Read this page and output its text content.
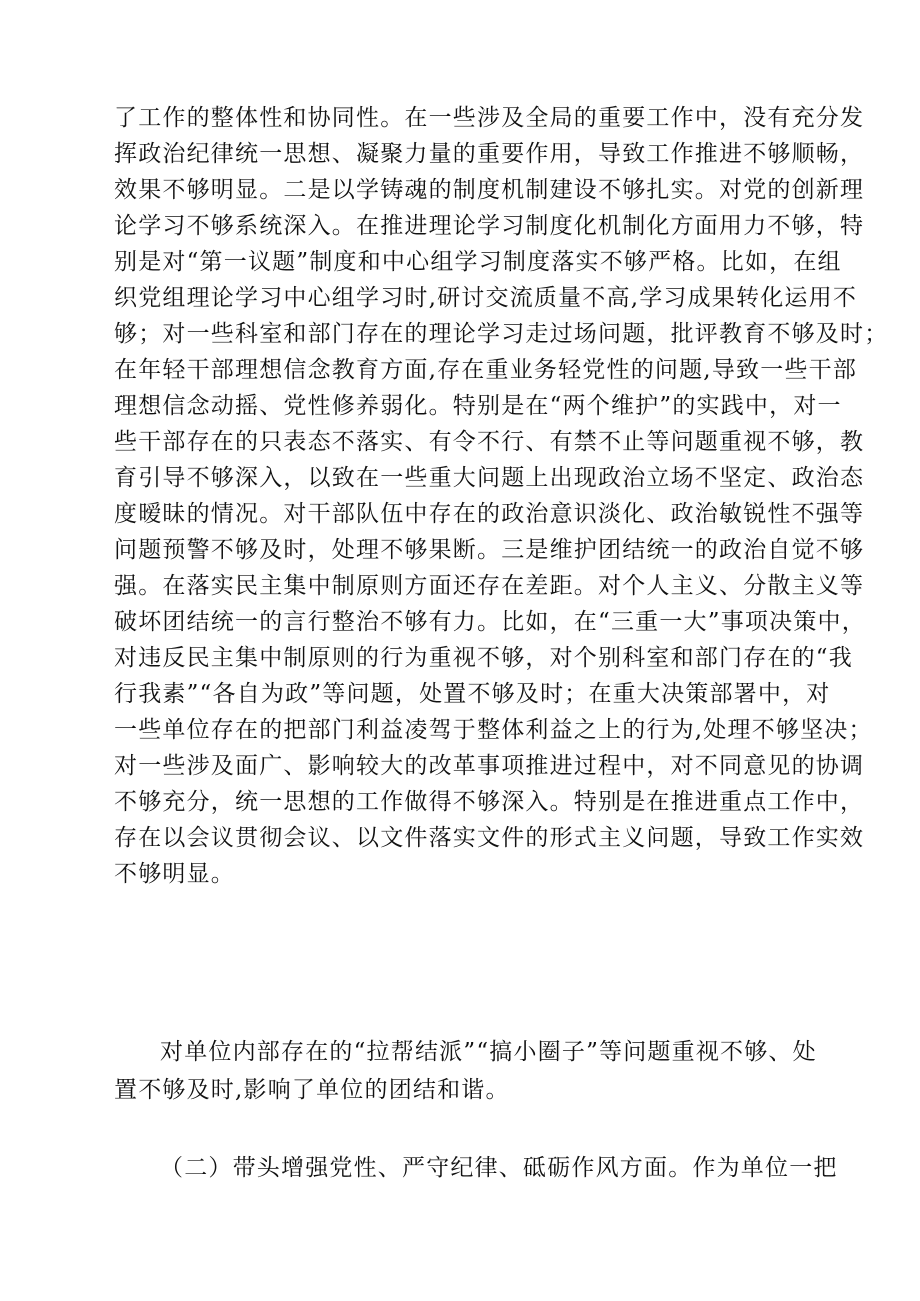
了工作的整体性和协同性。在一些涉及全局的重要工作中，没有充分发
挥政治纪律统一思想、凝聚力量的重要作用，导致工作推进不够顺畅，
效果不够明显。二是以学铸魂的制度机制建设不够扎实。对党的创新理
论学习不够系统深入。在推进理论学习制度化机制化方面用力不够，特
别是对“第一议题”制度和中心组学习制度落实不够严格。比如，在组
织党组理论学习中心组学习时,研讨交流质量不高,学习成果转化运用不
够；对一些科室和部门存在的理论学习走过场问题，批评教育不够及时；
在年轻干部理想信念教育方面,存在重业务轻党性的问题,导致一些干部
理想信念动摇、党性修养弱化。特别是在“两个维护”的实践中，对一
些干部存在的只表态不落实、有令不行、有禁不止等问题重视不够，教
育引导不够深入，以致在一些重大问题上出现政治立场不坚定、政治态
度暧昧的情况。对干部队伍中存在的政治意识淡化、政治敏锐性不强等
问题预警不够及时，处理不够果断。三是维护团结统一的政治自觉不够
强。在落实民主集中制原则方面还存在差距。对个人主义、分散主义等
破坏团结统一的言行整治不够有力。比如，在“三重一大”事项决策中，
对违反民主集中制原则的行为重视不够，对个别科室和部门存在的“我
行我素”“各自为政”等问题，处置不够及时；在重大决策部署中，对
一些单位存在的把部门利益凌驾于整体利益之上的行为,处理不够坚决；
对一些涉及面广、影响较大的改革事项推进过程中，对不同意见的协调
不够充分，统一思想的工作做得不够深入。特别是在推进重点工作中，
存在以会议贯彻会议、以文件落实文件的形式主义问题，导致工作实效
不够明显。
对单位内部存在的“拉帮结派”“搞小圈子”等问题重视不够、处
置不够及时,影响了单位的团结和谐。
（二）带头增强党性、严守纪律、砥砺作风方面。作为单位一把
